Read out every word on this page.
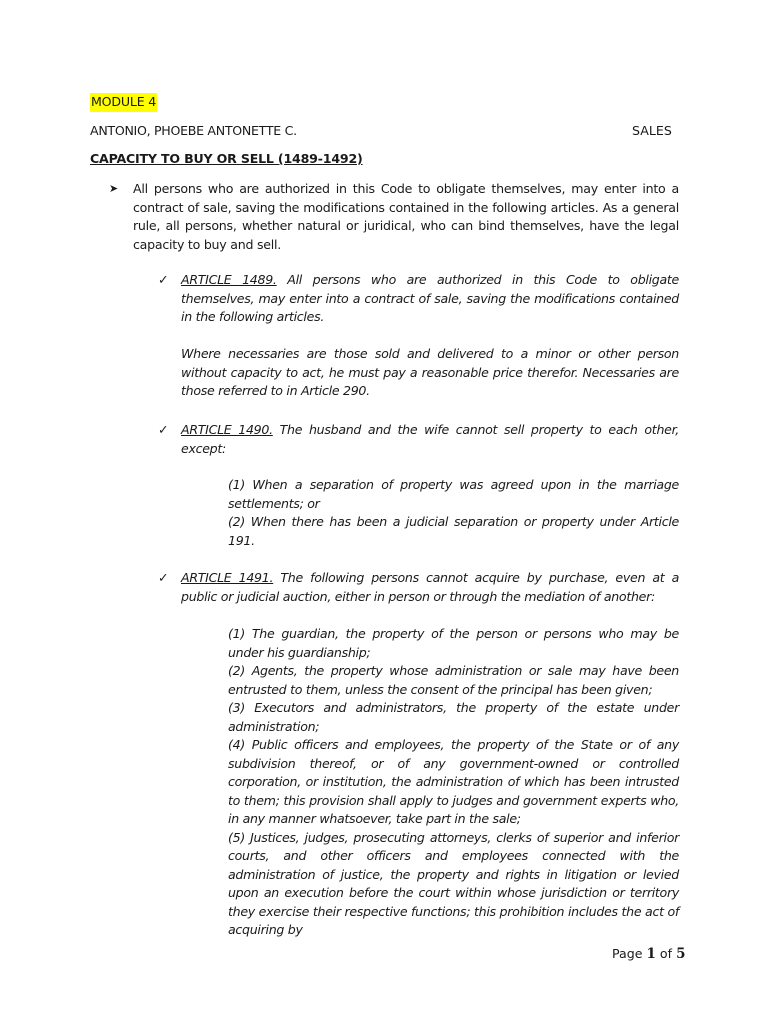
MODULE 4
ANTONIO, PHOEBE ANTONETTE C.	SALES
CAPACITY TO BUY OR SELL (1489-1492)
➤ All persons who are authorized in this Code to obligate themselves, may enter into a contract of sale, saving the modifications contained in the following articles. As a general rule, all persons, whether natural or juridical, who can bind themselves, have the legal capacity to buy and sell.
✓ ARTICLE 1489. All persons who are authorized in this Code to obligate themselves, may enter into a contract of sale, saving the modifications contained in the following articles.

Where necessaries are those sold and delivered to a minor or other person without capacity to act, he must pay a reasonable price therefor. Necessaries are those referred to in Article 290.

✓ ARTICLE 1490. The husband and the wife cannot sell property to each other, except:

(1) When a separation of property was agreed upon in the marriage settlements; or

(2) When there has been a judicial separation or property under Article 191.

✓ ARTICLE 1491. The following persons cannot acquire by purchase, even at a public or judicial auction, either in person or through the mediation of another:

(1) The guardian, the property of the person or persons who may be under his guardianship;

(2) Agents, the property whose administration or sale may have been entrusted to them, unless the consent of the principal has been given;

(3) Executors and administrators, the property of the estate under administration;

(4) Public officers and employees, the property of the State or of any subdivision thereof, or of any government-owned or controlled corporation, or institution, the administration of which has been intrusted to them; this provision shall apply to judges and government experts who, in any manner whatsoever, take part in the sale;

(5) Justices, judges, prosecuting attorneys, clerks of superior and inferior courts, and other officers and employees connected with the administration of justice, the property and rights in litigation or levied upon an execution before the court within whose jurisdiction or territory they exercise their respective functions; this prohibition includes the act of acquiring by

Page 1 of 5
